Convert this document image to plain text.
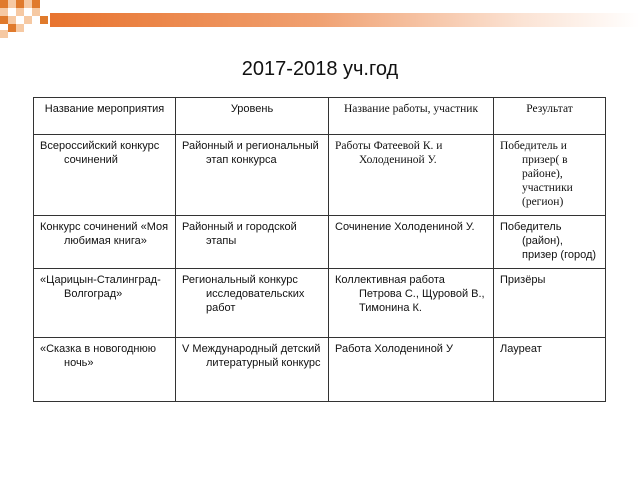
2017-2018 уч.год
Название мероприятия	Уровень	Название работы, участник	Результат
Всероссийский конкурс сочинений	Районный и региональный этап конкурса	Работы Фатеевой К. и Холодениной У.	Победитель и призер( в районе), участники (регион)
Конкурс сочинений «Моя любимая книга»	Районный и городской этапы	Сочинение Холодениной У.	Победитель (район), призер (город)
«Царицын-Сталинград-Волгоград»	Региональный конкурс исследовательских работ	Коллективная работа Петрова С., Щуровой В., Тимонина К.	Призёры
«Сказка в новогоднюю ночь»	V Международный детский литературный конкурс	Работа Холодениной У	Лауреат
